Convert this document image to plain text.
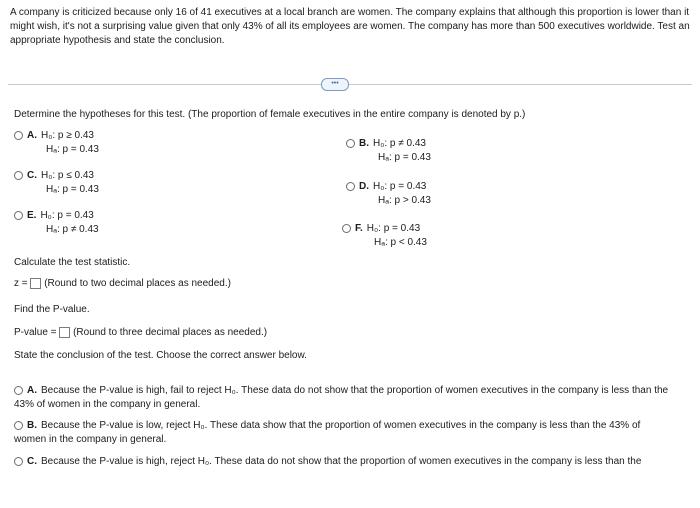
A company is criticized because only 16 of 41 executives at a local branch are women. The company explains that although this proportion is lower than it might wish, it's not a surprising value given that only 43% of all its employees are women. The company has more than 500 executives worldwide. Test an appropriate hypothesis and state the conclusion.
•••
Determine the hypotheses for this test. (The proportion of female executives in the entire company is denoted by p.)
A. H₀: p ≥ 0.43
Hₐ: p = 0.43
B. H₀: p ≠ 0.43
Hₐ: p = 0.43
C. H₀: p ≤ 0.43
Hₐ: p = 0.43	D. H₀: p = 0.43
Hₐ: p > 0.43
E. H₀: p = 0.43
Hₐ: p ≠ 0.43	F. H₀: p = 0.43
Hₐ: p < 0.43
Calculate the test statistic.
z = (Round to two decimal places as needed.)
Find the P-value.
P-value = (Round to three decimal places as needed.)
State the conclusion of the test. Choose the correct answer below.
A. Because the P-value is high, fail to reject H₀. These data do not show that the proportion of women executives in the company is less than the 43% of women in the company in general.
B. Because the P-value is low, reject H₀. These data show that the proportion of women executives in the company is less than the 43% of women in the company in general.
C. Because the P-value is high, reject H₀. These data do not show that the proportion of women executives in the company is less than the
